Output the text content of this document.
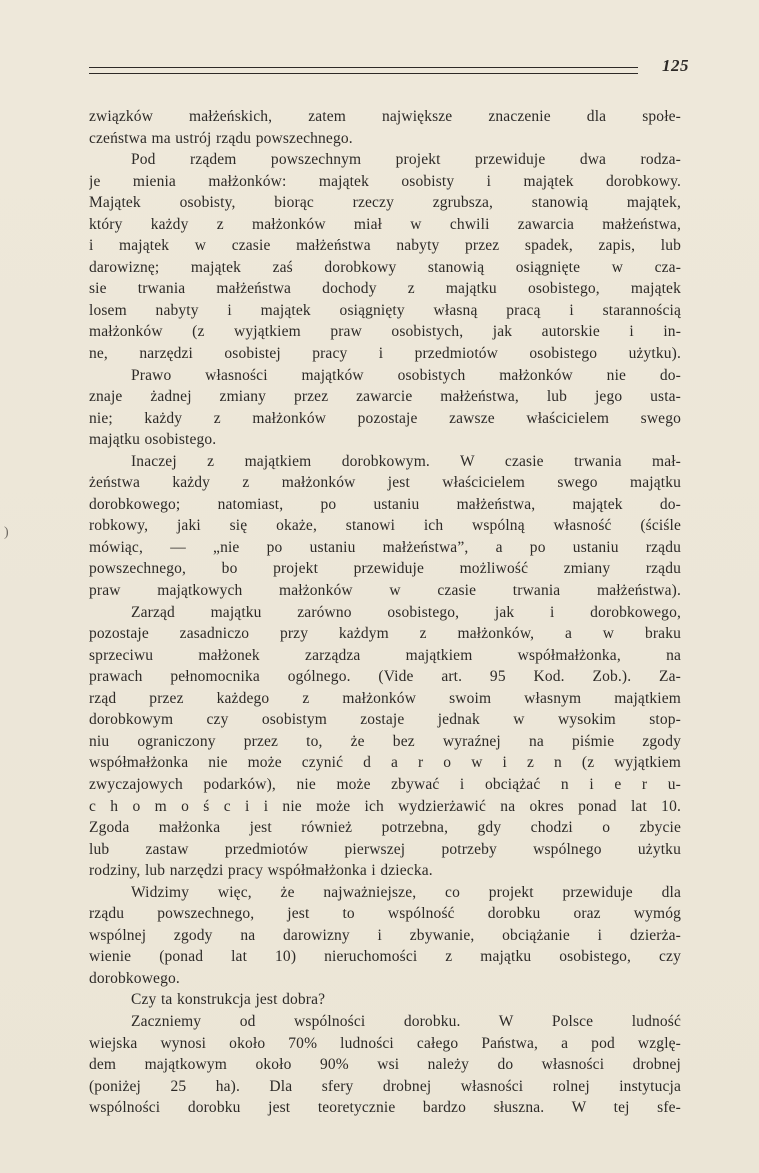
125
)
związków małżeńskich, zatem największe znaczenie dla społe-
czeństwa ma ustrój rządu powszechnego.
Pod rządem powszechnym projekt przewiduje dwa rodza-
je mienia małżonków: majątek osobisty i majątek dorobkowy.
Majątek osobisty, biorąc rzeczy zgrubsza, stanowią majątek,
który każdy z małżonków miał w chwili zawarcia małżeństwa,
i majątek w czasie małżeństwa nabyty przez spadek, zapis, lub
darowiznę; majątek zaś dorobkowy stanowią osiągnięte w cza-
sie trwania małżeństwa dochody z majątku osobistego, majątek
losem nabyty i majątek osiągnięty własną pracą i starannością
małżonków (z wyjątkiem praw osobistych, jak autorskie i in-
ne, narzędzi osobistej pracy i przedmiotów osobistego użytku).
Prawo własności majątków osobistych małżonków nie do-
znaje żadnej zmiany przez zawarcie małżeństwa, lub jego usta-
nie; każdy z małżonków pozostaje zawsze właścicielem swego
majątku osobistego.
Inaczej z majątkiem dorobkowym. W czasie trwania mał-
żeństwa każdy z małżonków jest właścicielem swego majątku
dorobkowego; natomiast, po ustaniu małżeństwa, majątek do-
robkowy, jaki się okaże, stanowi ich wspólną własność (ściśle
mówiąc, — „nie po ustaniu małżeństwa”, a po ustaniu rządu
powszechnego, bo projekt przewiduje możliwość zmiany rządu
praw majątkowych małżonków w czasie trwania małżeństwa).
Zarząd majątku zarówno osobistego, jak i dorobkowego,
pozostaje zasadniczo przy każdym z małżonków, a w braku
sprzeciwu małżonek zarządza majątkiem współmałżonka, na
prawach pełnomocnika ogólnego. (Vide art. 95 Kod. Zob.). Za-
rząd przez każdego z małżonków swoim własnym majątkiem
dorobkowym czy osobistym zostaje jednak w wysokim stop-
niu ograniczony przez to, że bez wyraźnej na piśmie zgody
współmałżonka nie może czynić d a r o w i z n (z wyjątkiem
zwyczajowych podarków), nie może zbywać i obciążać n i e r u-
c h o m o ś c i i nie może ich wydzierżawić na okres ponad lat 10.
Zgoda małżonka jest również potrzebna, gdy chodzi o zbycie
lub zastaw przedmiotów pierwszej potrzeby wspólnego użytku
rodziny, lub narzędzi pracy współmałżonka i dziecka.
Widzimy więc, że najważniejsze, co projekt przewiduje dla
rządu powszechnego, jest to wspólność dorobku oraz wymóg
wspólnej zgody na darowizny i zbywanie, obciążanie i dzierża-
wienie (ponad lat 10) nieruchomości z majątku osobistego, czy
dorobkowego.
Czy ta konstrukcja jest dobra?
Zaczniemy od wspólności dorobku. W Polsce ludność
wiejska wynosi około 70% ludności całego Państwa, a pod wzglę-
dem majątkowym około 90% wsi należy do własności drobnej
(poniżej 25 ha). Dla sfery drobnej własności rolnej instytucja
wspólności dorobku jest teoretycznie bardzo słuszna. W tej sfe-
